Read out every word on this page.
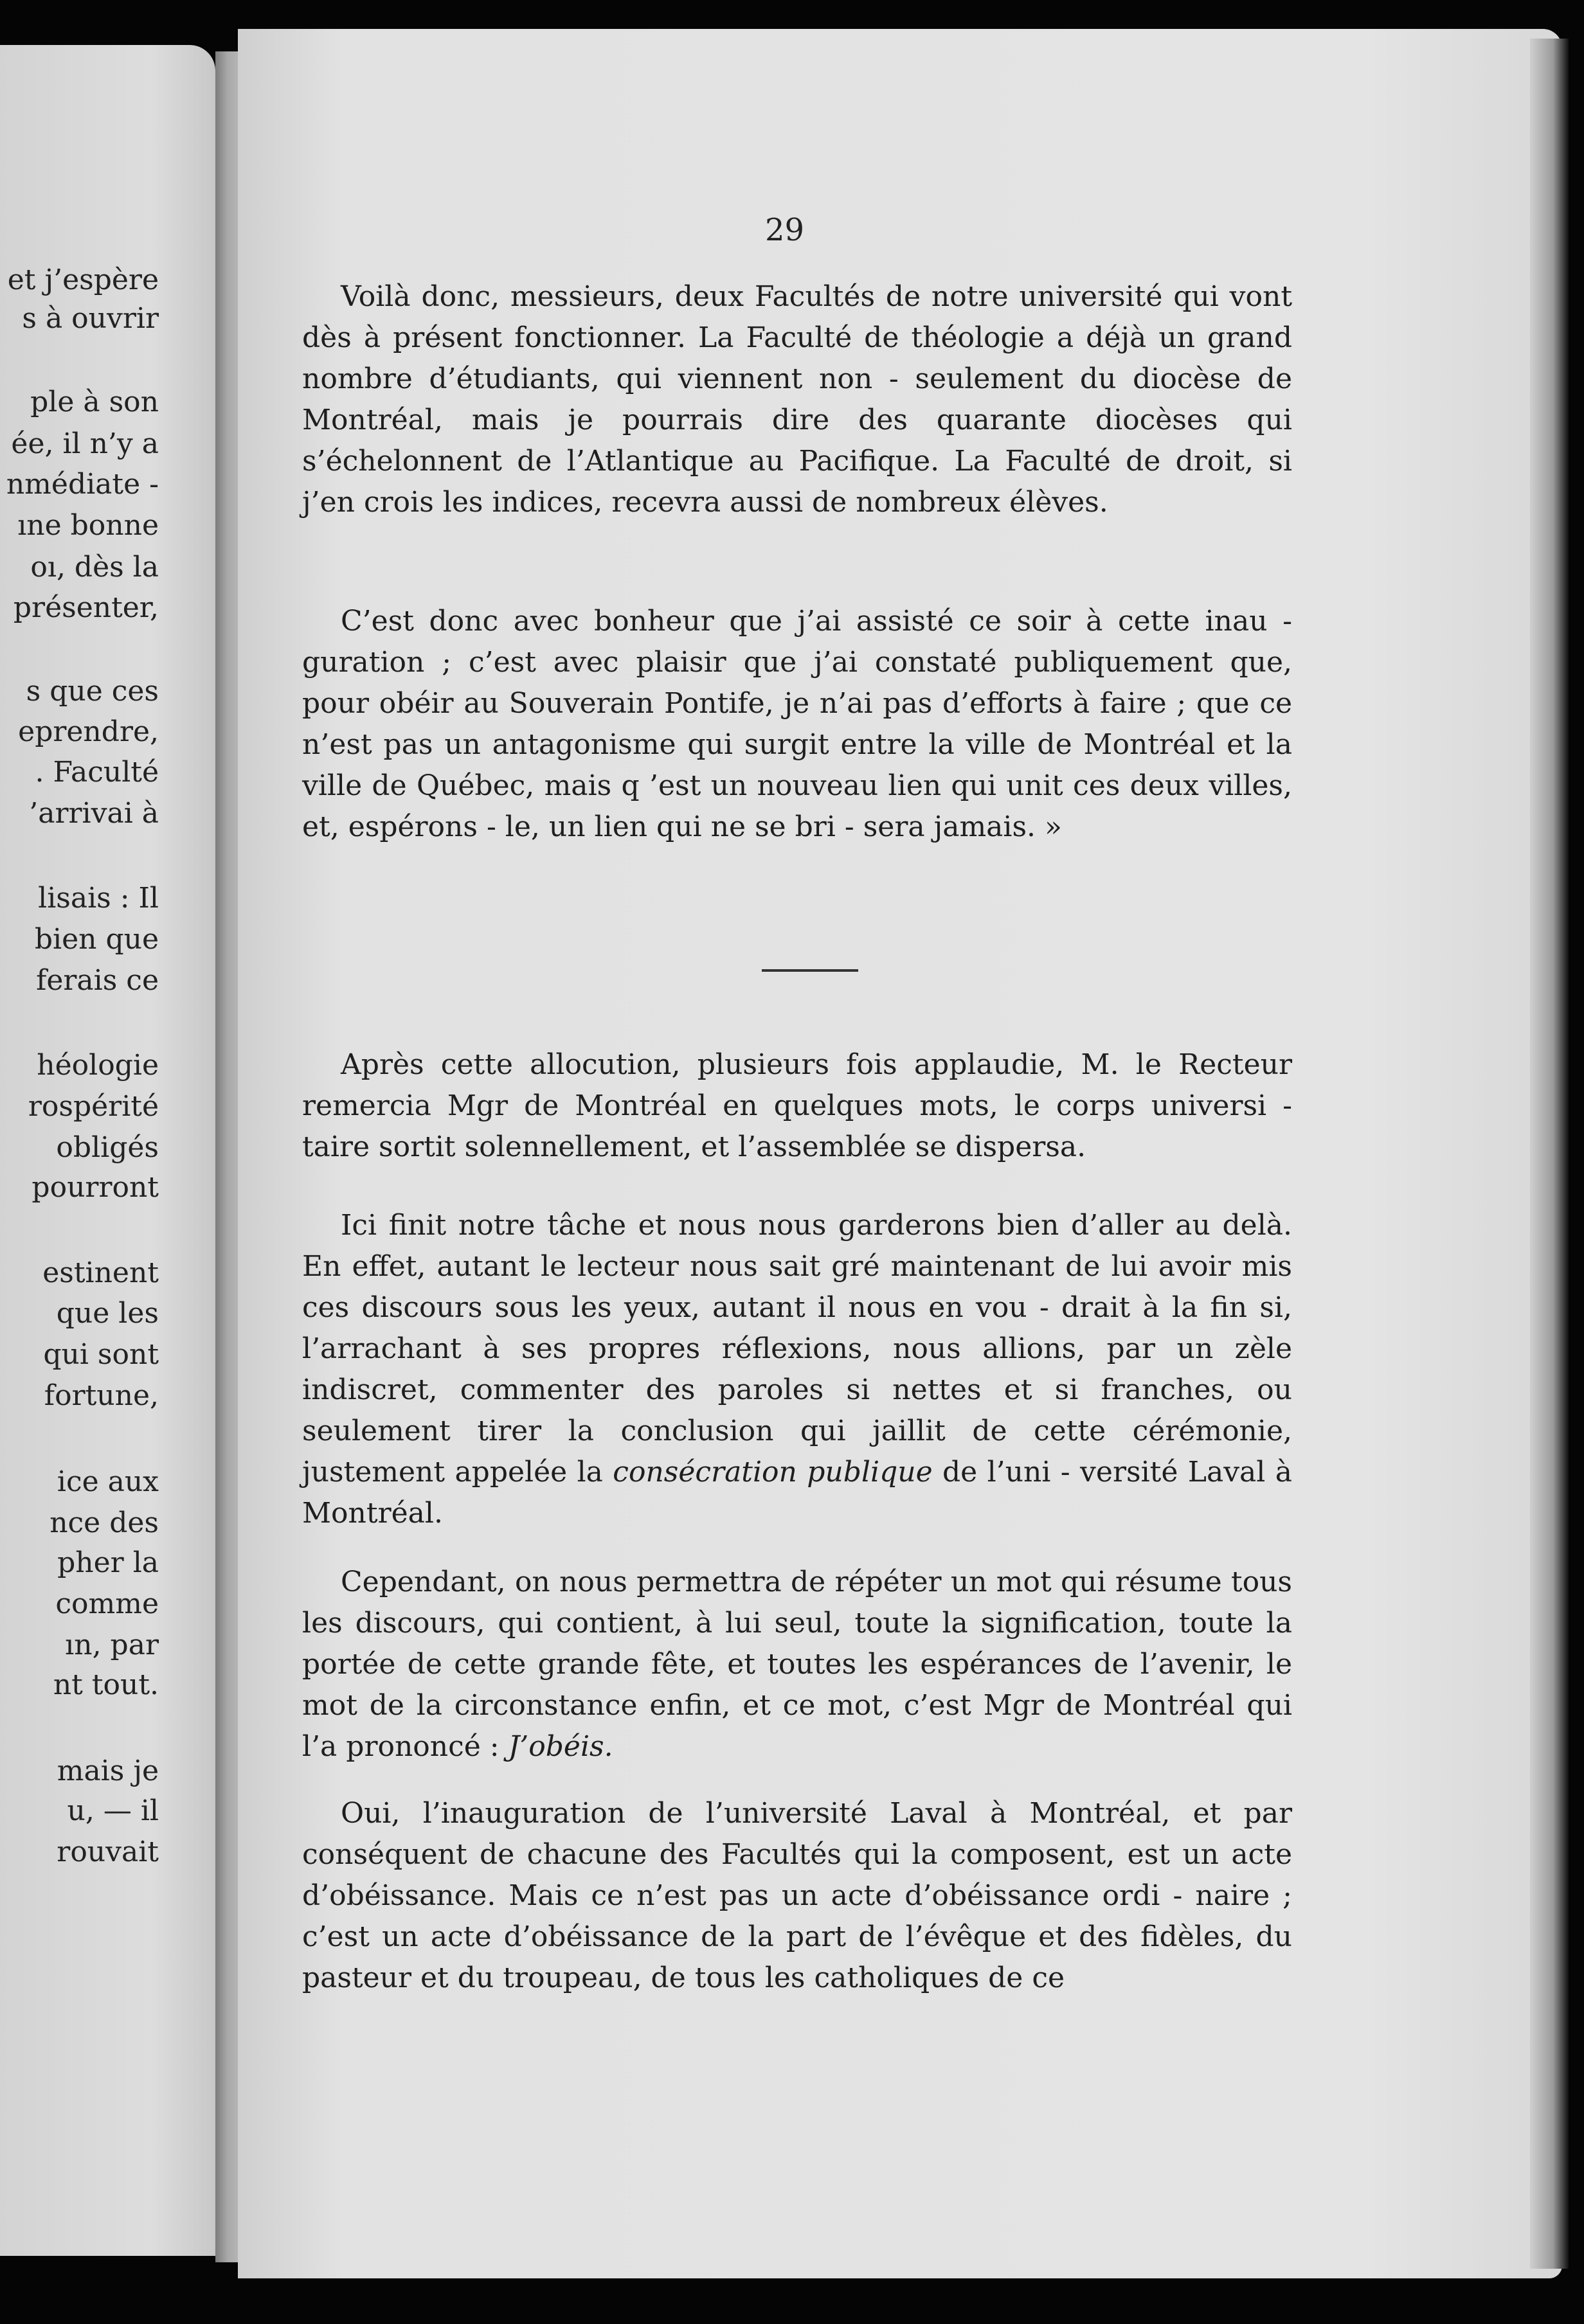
et j’espère
s à ouvrir
ple à son
ée, il n’y a
nmédiate -
ıne bonne
oı, dès la
présenter,
s que ces
eprendre,
. Faculté
’arrivai à
lisais : Il
bien que
ferais ce
héologie
rospérité
obligés
pourront
estinent
que les
qui sont
fortune,
ice aux
nce des
pher la
comme
ın, par
nt tout.
mais je
u, — il
rouvait
29

Voilà donc, messieurs, deux Facultés de notre université qui vont dès à présent fonctionner. La Faculté de théologie a déjà un grand nombre d’étudiants, qui viennent non - seulement du diocèse de Montréal, mais je pourrais dire des quarante diocèses qui s’échelonnent de l’Atlantique au Pacifique. La Faculté de droit, si j’en crois les indices, recevra aussi de nombreux élèves.

C’est donc avec bonheur que j’ai assisté ce soir à cette inau - guration ; c’est avec plaisir que j’ai constaté publiquement que, pour obéir au Souverain Pontife, je n’ai pas d’efforts à faire ; que ce n’est pas un antagonisme qui surgit entre la ville de Montréal et la ville de Québec, mais q ’est un nouveau lien qui unit ces deux villes, et, espérons - le, un lien qui ne se bri - sera jamais. »

Après cette allocution, plusieurs fois applaudie, M. le Recteur remercia Mgr de Montréal en quelques mots, le corps universi - taire sortit solennellement, et l’assemblée se dispersa.

Ici finit notre tâche et nous nous garderons bien d’aller au delà. En effet, autant le lecteur nous sait gré maintenant de lui avoir mis ces discours sous les yeux, autant il nous en vou - drait à la fin si, l’arrachant à ses propres réflexions, nous allions, par un zèle indiscret, commenter des paroles si nettes et si franches, ou seulement tirer la conclusion qui jaillit de cette cérémonie, justement appelée la consécration publique de l’uni - versité Laval à Montréal.

Cependant, on nous permettra de répéter un mot qui résume tous les discours, qui contient, à lui seul, toute la signification, toute la portée de cette grande fête, et toutes les espérances de l’avenir, le mot de la circonstance enfin, et ce mot, c’est Mgr de Montréal qui l’a prononcé : J’obéis.

Oui, l’inauguration de l’université Laval à Montréal, et par conséquent de chacune des Facultés qui la composent, est un acte d’obéissance. Mais ce n’est pas un acte d’obéissance ordi - naire ; c’est un acte d’obéissance de la part de l’évêque et des fidèles, du pasteur et du troupeau, de tous les catholiques de ce
